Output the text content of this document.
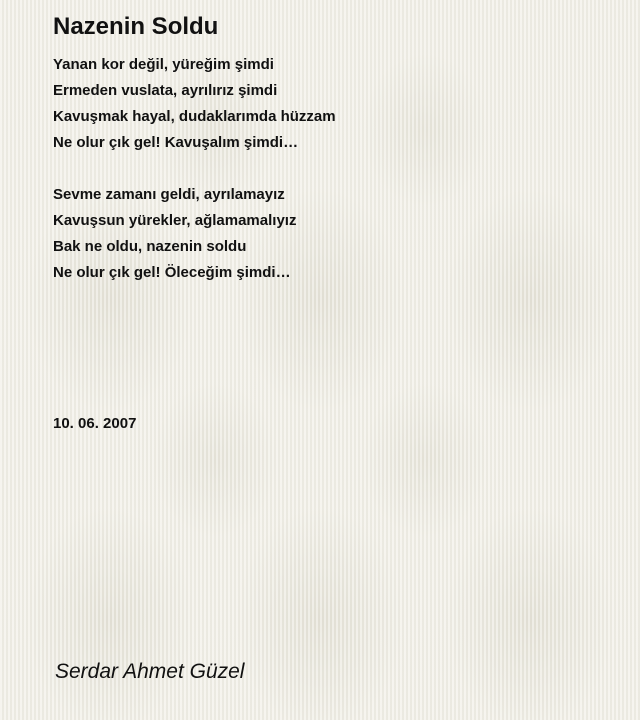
Nazenin Soldu
Yanan kor değil, yüreğim şimdi
Ermeden vuslata, ayrılırız şimdi
Kavuşmak hayal, dudaklarımda hüzzam
Ne olur çık gel! Kavuşalım şimdi…
Sevme zamanı geldi, ayrılamayız
Kavuşsun yürekler, ağlamamalıyız
Bak ne oldu, nazenin soldu
Ne olur çık gel! Öleceğim şimdi…
10. 06. 2007
Serdar Ahmet Güzel
